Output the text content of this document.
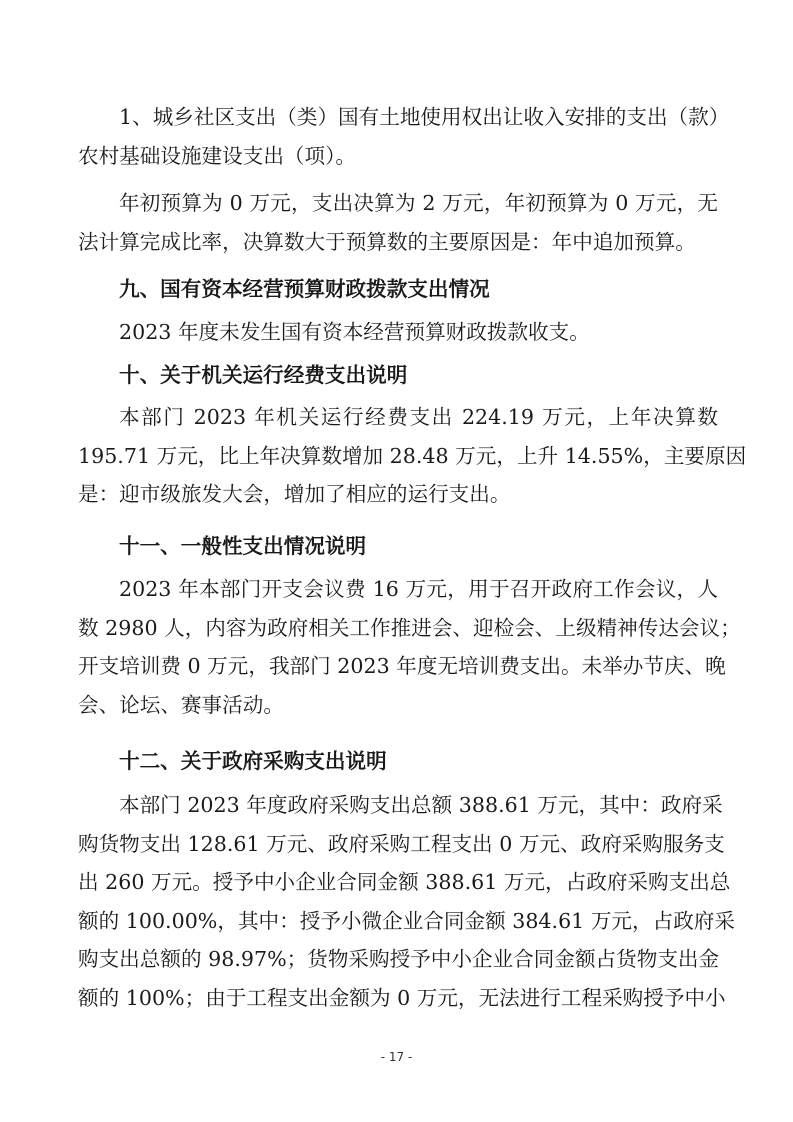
1、城乡社区支出（类）国有土地使用权出让收入安排的支出（款）
农村基础设施建设支出（项）。

年初预算为 0 万元，支出决算为 2 万元，年初预算为 0 万元，无
法计算完成比率，决算数大于预算数的主要原因是：年中追加预算。

九、国有资本经营预算财政拨款支出情况

2023 年度未发生国有资本经营预算财政拨款收支。

十、关于机关运行经费支出说明

本部门 2023 年机关运行经费支出 224.19 万元，上年决算数
195.71 万元，比上年决算数增加 28.48 万元，上升 14.55%，主要原因
是：迎市级旅发大会，增加了相应的运行支出。

十一、一般性支出情况说明

2023 年本部门开支会议费 16 万元，用于召开政府工作会议，人
数 2980 人，内容为政府相关工作推进会、迎检会、上级精神传达会议；
开支培训费 0 万元，我部门 2023 年度无培训费支出。未举办节庆、晚
会、论坛、赛事活动。

十二、关于政府采购支出说明

本部门 2023 年度政府采购支出总额 388.61 万元，其中：政府采
购货物支出 128.61 万元、政府采购工程支出 0 万元、政府采购服务支
出 260 万元。授予中小企业合同金额 388.61 万元，占政府采购支出总
额的 100.00%，其中：授予小微企业合同金额 384.61 万元，占政府采
购支出总额的 98.97%；货物采购授予中小企业合同金额占货物支出金
额的 100%；由于工程支出金额为 0 万元，无法进行工程采购授予中小

- 17 -
